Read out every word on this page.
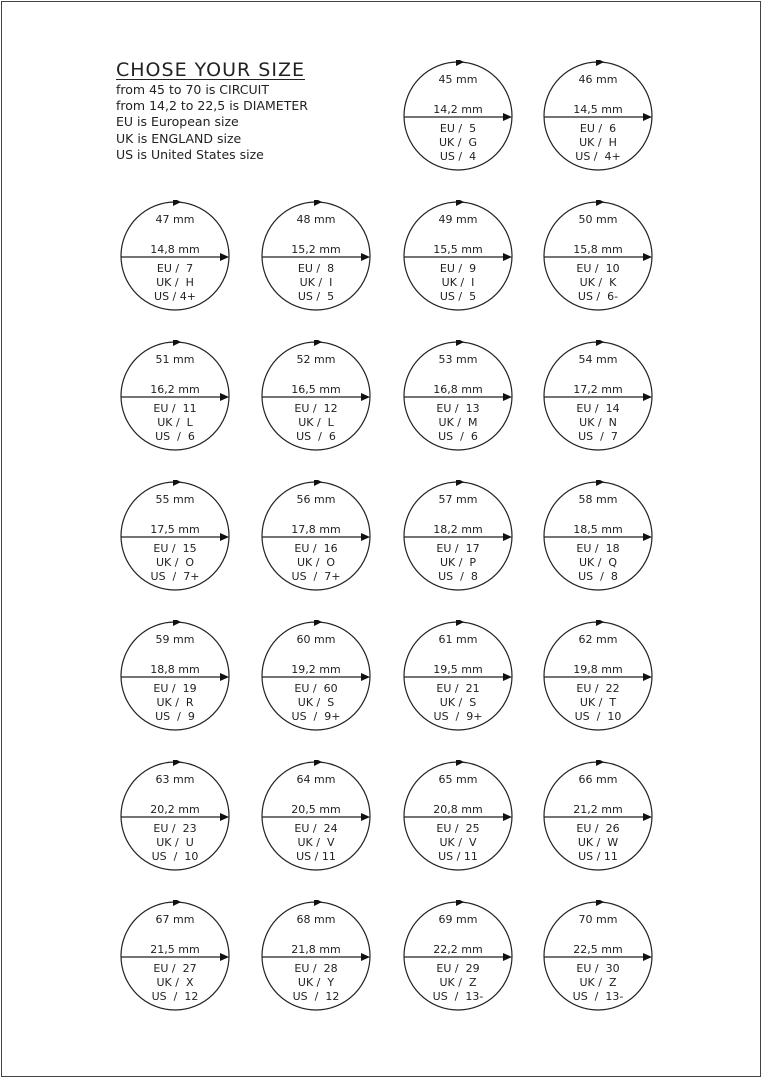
CHOSE YOUR SIZE
from 45 to 70 is CIRCUIT
from 14,2 to 22,5 is DIAMETER
EU is European size
UK is ENGLAND size
US is United States size
45 mm
14,2 mm
EU /  5
UK /  G
US /  4
46 mm
14,5 mm
EU /  6
UK /  H
US /  4+
47 mm
14,8 mm
EU /  7
UK /  H
US / 4+
48 mm
15,2 mm
EU /  8
UK /  I
US /  5
49 mm
15,5 mm
EU /  9
UK /  I
US /  5
50 mm
15,8 mm
EU /  10
UK /  K
US /  6-
51 mm
16,2 mm
EU /  11
UK /  L
US  /  6
52 mm
16,5 mm
EU /  12
UK /  L
US  /  6
53 mm
16,8 mm
EU /  13
UK /  M
US  /  6
54 mm
17,2 mm
EU /  14
UK /  N
US  /  7
55 mm
17,5 mm
EU /  15
UK /  O
US  /  7+
56 mm
17,8 mm
EU /  16
UK /  O
US  /  7+
57 mm
18,2 mm
EU /  17
UK /  P
US  /  8
58 mm
18,5 mm
EU /  18
UK /  Q
US  /  8
59 mm
18,8 mm
EU /  19
UK /  R
US  /  9
60 mm
19,2 mm
EU /  60
UK /  S
US  /  9+
61 mm
19,5 mm
EU /  21
UK /  S
US  /  9+
62 mm
19,8 mm
EU /  22
UK /  T
US  /  10
63 mm
20,2 mm
EU /  23
UK /  U
US  /  10
64 mm
20,5 mm
EU /  24
UK /  V
US / 11
65 mm
20,8 mm
EU /  25
UK /  V
US / 11
66 mm
21,2 mm
EU /  26
UK /  W
US / 11
67 mm
21,5 mm
EU /  27
UK /  X
US  /  12
68 mm
21,8 mm
EU /  28
UK /  Y
US  /  12
69 mm
22,2 mm
EU /  29
UK /  Z
US  /  13-
70 mm
22,5 mm
EU /  30
UK /  Z
US  /  13-
